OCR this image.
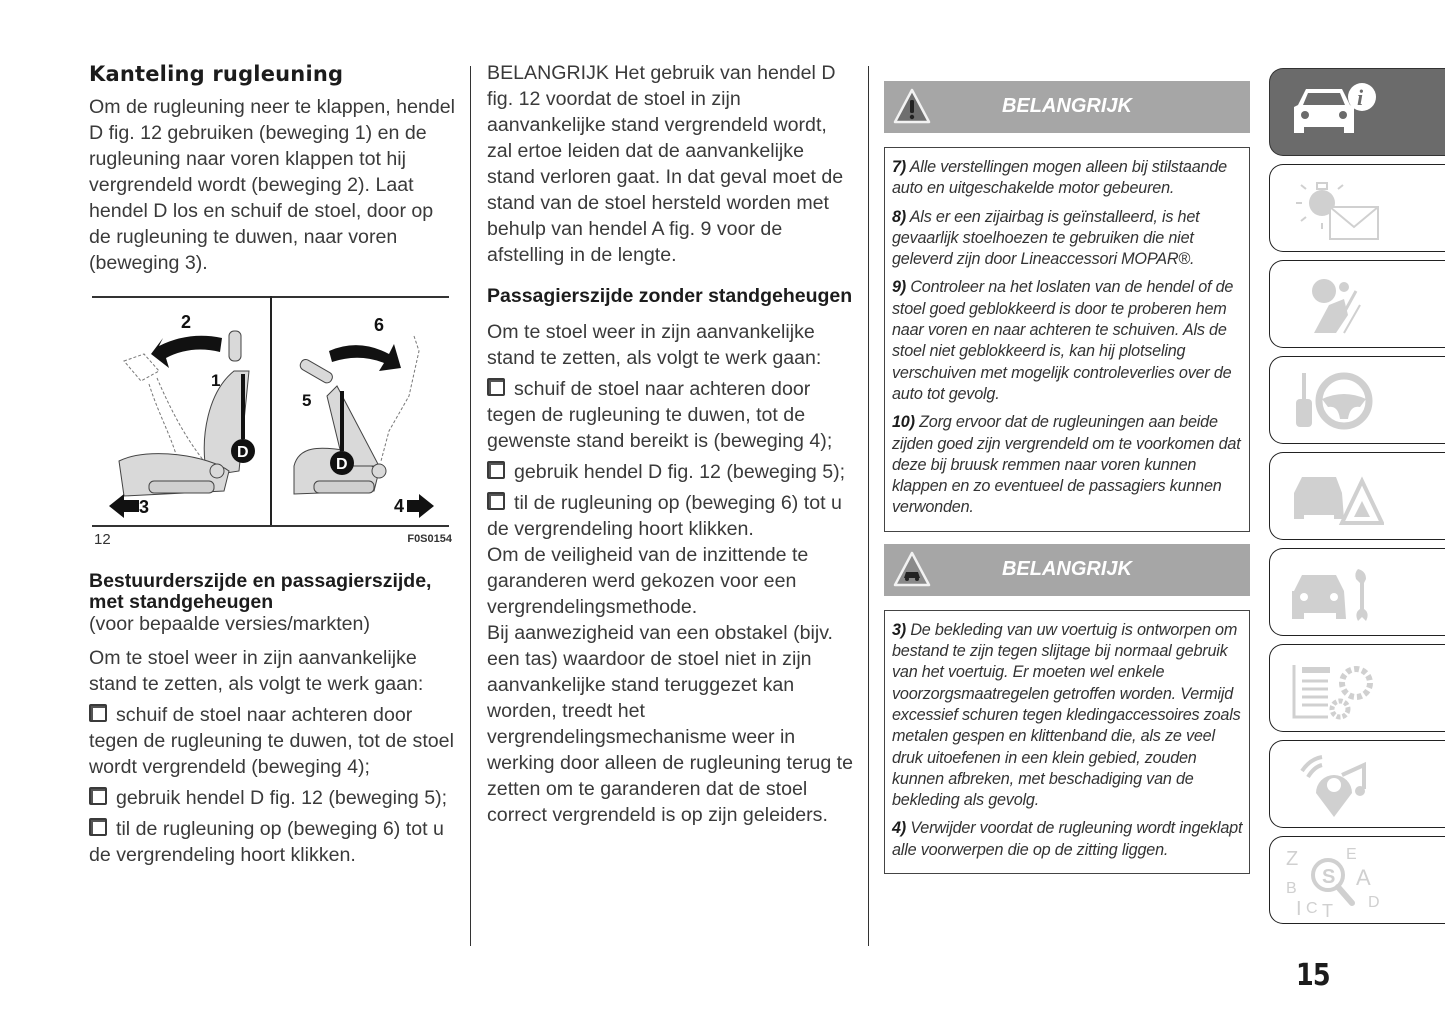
Kanteling rugleuning

Om de rugleuning neer te klappen, hendel D fig. 12 gebruiken (beweging 1) en de rugleuning naar voren klappen tot hij vergrendeld wordt (beweging 2). Laat hendel D los en schuif de stoel, door op de rugleuning te duwen, naar voren (beweging 3).

D
1
2
3
D
5
6
4
12	F0S0154
Bestuurderszijde en passagierszijde, met standgeheugen
(voor bepaalde versies/markten)

Om te stoel weer in zijn aanvankelijke stand te zetten, als volgt te werk gaan:

schuif de stoel naar achteren door tegen de rugleuning te duwen, tot de stoel wordt vergrendeld (beweging 4);

gebruik hendel D fig. 12 (beweging 5);

til de rugleuning op (beweging 6) tot u de vergrendeling hoort klikken.

BELANGRIJK Het gebruik van hendel D fig. 12 voordat de stoel in zijn aanvankelijke stand vergrendeld wordt, zal ertoe leiden dat de aanvankelijke stand verloren gaat. In dat geval moet de stand van de stoel hersteld worden met behulp van hendel A fig. 9 voor de afstelling in de lengte.

Passagierszijde zonder standgeheugen

Om te stoel weer in zijn aanvankelijke stand te zetten, als volgt te werk gaan:

schuif de stoel naar achteren door tegen de rugleuning te duwen, tot de gewenste stand bereikt is (beweging 4);

gebruik hendel D fig. 12 (beweging 5);

til de rugleuning op (beweging 6) tot u de vergrendeling hoort klikken.

Om de veiligheid van de inzittende te garanderen werd gekozen voor een vergrendelingsmethode.

Bij aanwezigheid van een obstakel (bijv. een tas) waardoor de stoel niet in zijn aanvankelijke stand teruggezet kan worden, treedt het vergrendelingsmechanisme weer in werking door alleen de rugleuning terug te zetten om te garanderen dat de stoel correct vergrendeld is op zijn geleiders.

BELANGRIJK

7) Alle verstellingen mogen alleen bij stilstaande auto en uitgeschakelde motor gebeuren.

8) Als er een zijairbag is geïnstalleerd, is het gevaarlijk stoelhoezen te gebruiken die niet geleverd zijn door Lineaccessori MOPAR®.

9) Controleer na het loslaten van de hendel of de stoel goed geblokkeerd is door te proberen hem naar voren en naar achteren te schuiven. Als de stoel niet geblokkeerd is, kan hij plotseling verschuiven met mogelijk controleverlies over de auto tot gevolg.

10) Zorg ervoor dat de rugleuningen aan beide zijden goed zijn vergrendeld om te voorkomen dat deze bij bruusk remmen naar voren kunnen klappen en zo eventueel de passagiers kunnen verwonden.

BELANGRIJK

3) De bekleding van uw voertuig is ontworpen om bestand te zijn tegen slijtage bij normaal gebruik van het voertuig. Er moeten wel enkele voorzorgsmaatregelen getroffen worden. Vermijd excessief schuren tegen kledingaccessoires zoals metalen gespen en klittenband die, als ze veel druk uitoefenen in een klein gebied, zouden kunnen afbreken, met beschadiging van de bekleding als gevolg.

4) Verwijder voordat de rugleuning wordt ingeklapt alle voorwerpen die op de zitting liggen.

i
Z
B
I C T
E
A
D
S
15
